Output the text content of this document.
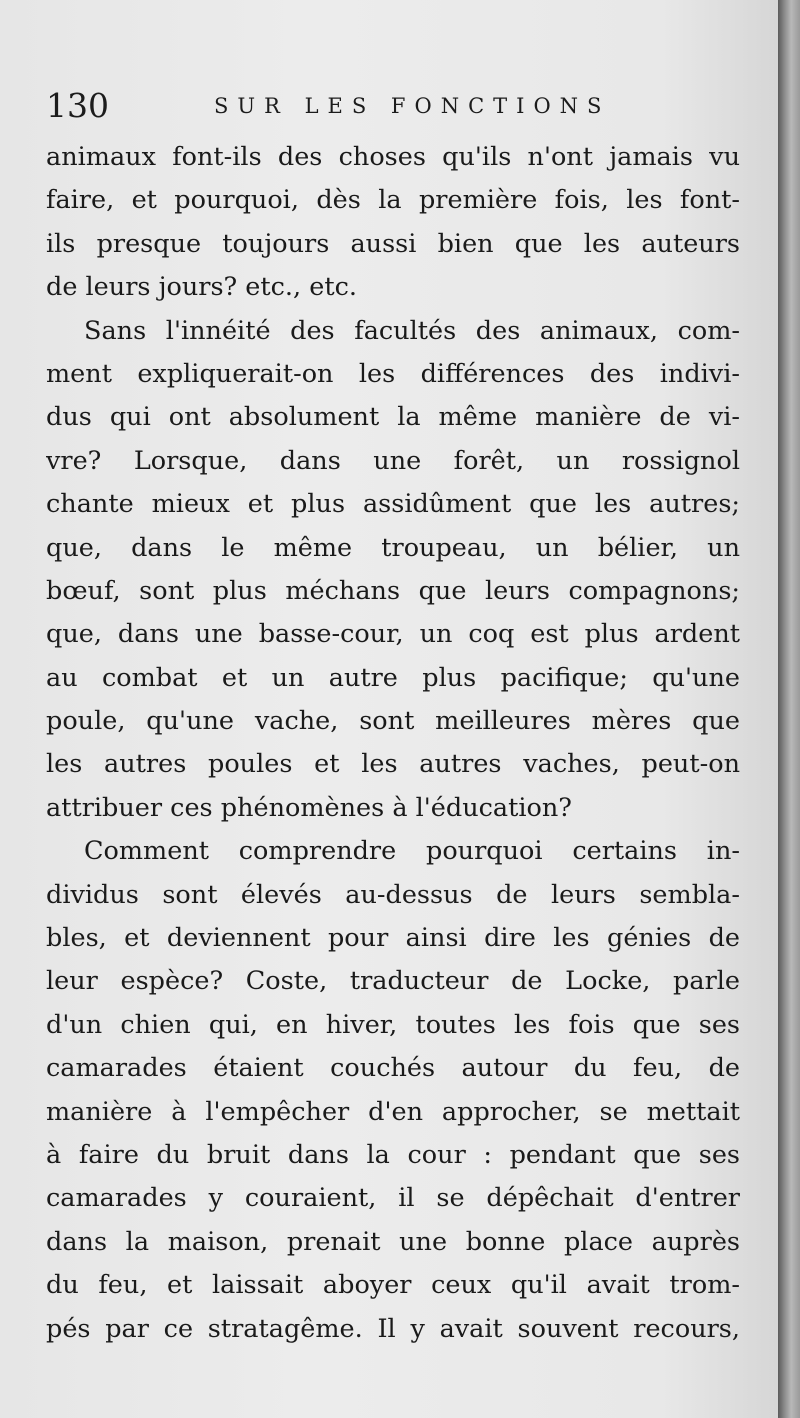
130	SUR LES FONCTIONS
animaux font-ils des choses qu'ils n'ont jamais vu
faire, et pourquoi, dès la première fois, les font-
ils presque toujours aussi bien que les auteurs
de leurs jours? etc., etc.
Sans l'innéité des facultés des animaux, com-
ment expliquerait-on les différences des indivi-
dus qui ont absolument la même manière de vi-
vre? Lorsque, dans une forêt, un rossignol
chante mieux et plus assidûment que les autres;
que, dans le même troupeau, un bélier, un
bœuf, sont plus méchans que leurs compagnons;
que, dans une basse-cour, un coq est plus ardent
au combat et un autre plus pacifique; qu'une
poule, qu'une vache, sont meilleures mères que
les autres poules et les autres vaches, peut-on
attribuer ces phénomènes à l'éducation?
Comment comprendre pourquoi certains in-
dividus sont élevés au-dessus de leurs sembla-
bles, et deviennent pour ainsi dire les génies de
leur espèce? Coste, traducteur de Locke, parle
d'un chien qui, en hiver, toutes les fois que ses
camarades étaient couchés autour du feu, de
manière à l'empêcher d'en approcher, se mettait
à faire du bruit dans la cour : pendant que ses
camarades y couraient, il se dépêchait d'entrer
dans la maison, prenait une bonne place auprès
du feu, et laissait aboyer ceux qu'il avait trom-
pés par ce stratagême. Il y avait souvent recours,
